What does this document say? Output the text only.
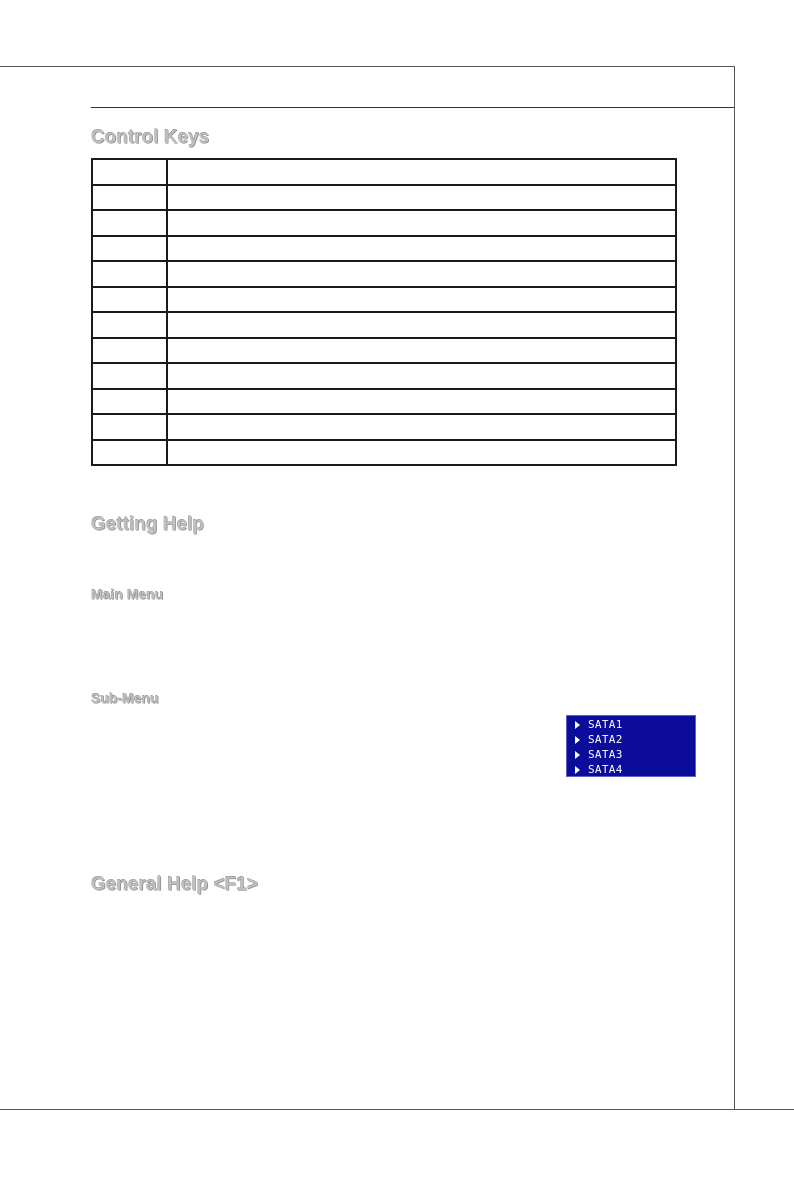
Control Keys

Getting Help
Main Menu
Sub-Menu
SATA1
SATA2
SATA3
SATA4
General Help <F1>
